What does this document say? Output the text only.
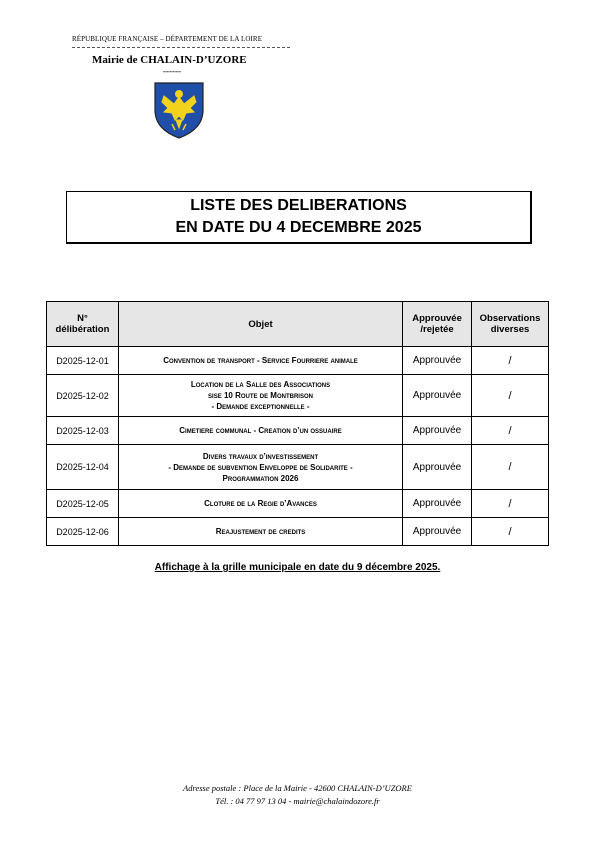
RÉPUBLIQUE FRANÇAISE – DÉPARTEMENT DE LA LOIRE
Mairie de CHALAIN-D’UZORE
------
LISTE DES DELIBERATIONS
EN DATE DU 4 DECEMBRE 2025
N° délibération	Objet	Approuvée /rejetée	Observations diverses
D2025-12-01	Convention de transport - Service Fourriere animale	Approuvée	/
D2025-12-02	Location de la Salle des Associations
sise 10 Route de Montbrison
- Demande exceptionnelle -	Approuvée	/
D2025-12-03	Cimetiere communal - Creation d’un ossuaire	Approuvée	/
D2025-12-04	Divers travaux d’investissement
- Demande de subvention Enveloppe de Solidarite -
Programmation 2026	Approuvée	/
D2025-12-05	Cloture de la Regie d’Avances	Approuvée	/
D2025-12-06	Reajustement de credits	Approuvée	/
Affichage à la grille municipale en date du 9 décembre 2025.
Adresse postale : Place de la Mairie - 42600 CHALAIN-D’UZORE
Tél. : 04 77 97 13 04 - mairie@chalaindozore.fr
